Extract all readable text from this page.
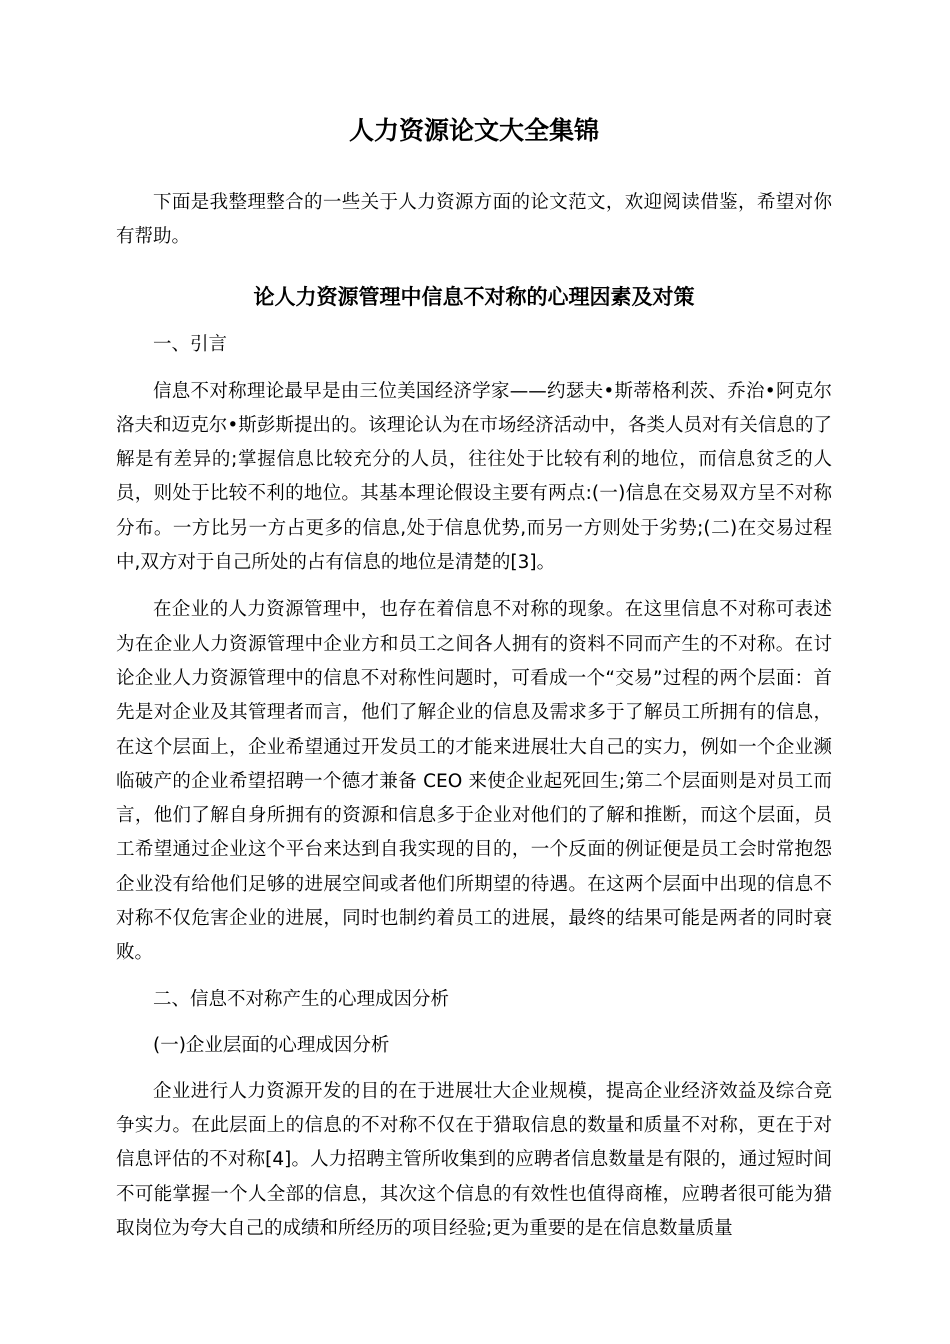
人力资源论文大全集锦

下面是我整理整合的一些关于人力资源方面的论文范文，欢迎阅读借鉴，希望对你有帮助。

论人力资源管理中信息不对称的心理因素及对策

一、引言

信息不对称理论最早是由三位美国经济学家——约瑟夫•斯蒂格利茨、乔治•阿克尔洛夫和迈克尔•斯彭斯提出的。该理论认为在市场经济活动中，各类人员对有关信息的了解是有差异的;掌握信息比较充分的人员，往往处于比较有利的地位，而信息贫乏的人员，则处于比较不利的地位。其基本理论假设主要有两点:(一)信息在交易双方呈不对称分布。一方比另一方占更多的信息,处于信息优势,而另一方则处于劣势;(二)在交易过程中,双方对于自己所处的占有信息的地位是清楚的[3]。

在企业的人力资源管理中，也存在着信息不对称的现象。在这里信息不对称可表述为在企业人力资源管理中企业方和员工之间各人拥有的资料不同而产生的不对称。在讨论企业人力资源管理中的信息不对称性问题时，可看成一个“交易”过程的两个层面：首先是对企业及其管理者而言，他们了解企业的信息及需求多于了解员工所拥有的信息，在这个层面上，企业希望通过开发员工的才能来进展壮大自己的实力，例如一个企业濒临破产的企业希望招聘一个德才兼备 CEO 来使企业起死回生;第二个层面则是对员工而言，他们了解自身所拥有的资源和信息多于企业对他们的了解和推断，而这个层面，员工希望通过企业这个平台来达到自我实现的目的，一个反面的例证便是员工会时常抱怨企业没有给他们足够的进展空间或者他们所期望的待遇。在这两个层面中出现的信息不对称不仅危害企业的进展，同时也制约着员工的进展，最终的结果可能是两者的同时衰败。

二、信息不对称产生的心理成因分析

(一)企业层面的心理成因分析

企业进行人力资源开发的目的在于进展壮大企业规模，提高企业经济效益及综合竞争实力。在此层面上的信息的不对称不仅在于猎取信息的数量和质量不对称，更在于对信息评估的不对称[4]。人力招聘主管所收集到的应聘者信息数量是有限的，通过短时间不可能掌握一个人全部的信息，其次这个信息的有效性也值得商榷，应聘者很可能为猎取岗位为夸大自己的成绩和所经历的项目经验;更为重要的是在信息数量质量
